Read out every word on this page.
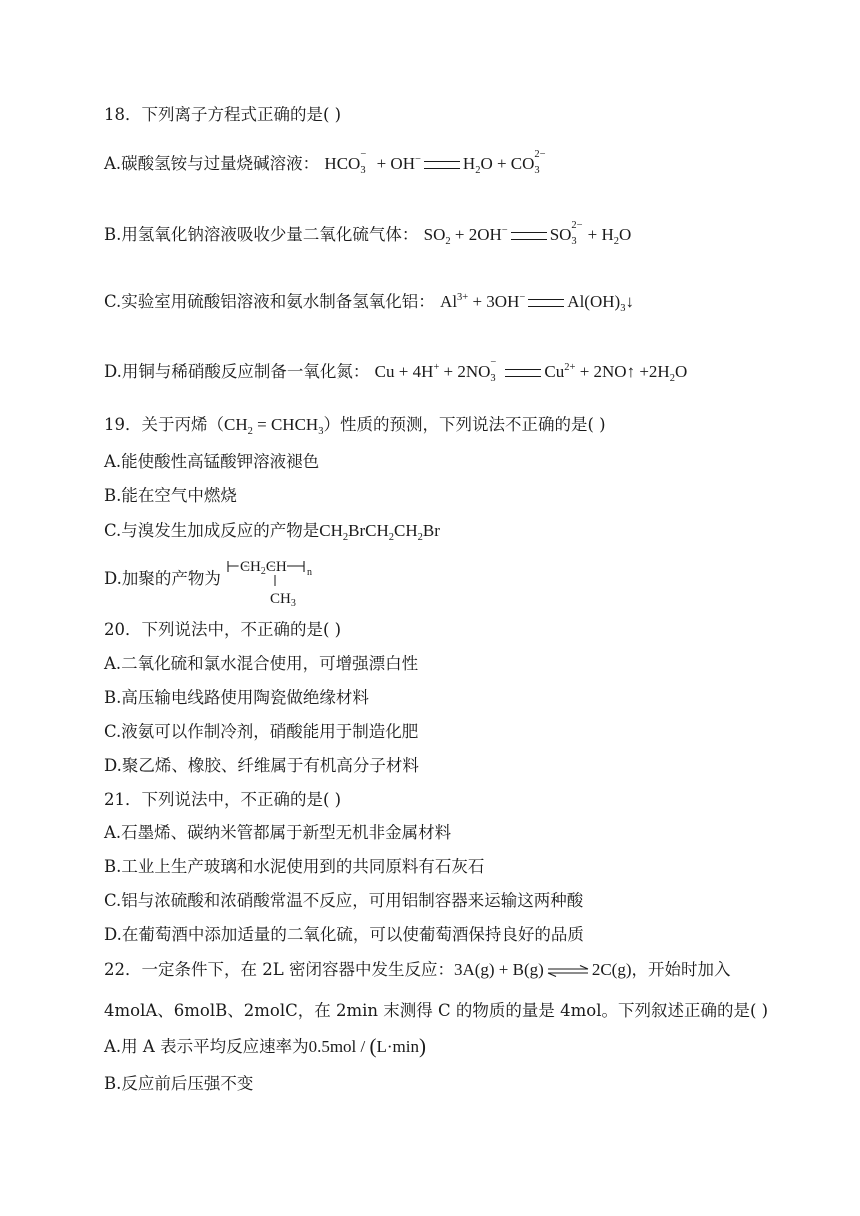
18．下列离子方程式正确的是( )
A.碳酸氢铵与过量烧碱溶液： HCO −
3 + OH− $H_2O$ + CO 2−
3
B.用氢氧化钠溶液吸收少量二氧化硫气体： $SO_2 + 2OH^-$ SO 2−
$3 + H_2O$
C.实验室用硫酸铝溶液和氨水制备氢氧化铝： $Al^{3+} + 3OH^-$ $Al(OH)_3↓$
D.用铜与稀硝酸反应制备一氧化氮： Cu + 4H+ + 2NO −
3	$Cu^{2+}$ + 2NO↑ $+2H_2O$
19．关于丙烯（$CH_2$ = $CHCH_3$）性质的预测，下列说法不正确的是( )
A.能使酸性高锰酸钾溶液褪色
B.能在空气中燃烧
C.与溴发生加成反应的产物是$CH_2BrCH_2CH_2Br$
D.加聚的产物为
$CH_2CH$ n
$CH_3$
20．下列说法中，不正确的是( )
A.二氧化硫和氯水混合使用，可增强漂白性
B.高压输电线路使用陶瓷做绝缘材料
C.液氨可以作制冷剂，硝酸能用于制造化肥
D.聚乙烯、橡胶、纤维属于有机高分子材料
21．下列说法中，不正确的是( )
A.石墨烯、碳纳米管都属于新型无机非金属材料
B.工业上生产玻璃和水泥使用到的共同原料有石灰石
C.铝与浓硫酸和浓硝酸常温不反应，可用铝制容器来运输这两种酸
D.在葡萄酒中添加适量的二氧化硫，可以使葡萄酒保持良好的品质
22．一定条件下，在 2L 密闭容器中发生反应：3A(g) + B(g) ⇌ 2C(g)，开始时加入
4molA、6molB、2molC，在 2min 末测得 C 的物质的量是 4mol。下列叙述正确的是( )
A.用 A 表示平均反应速率为0.5mol / (L·min)
B.反应前后压强不变
